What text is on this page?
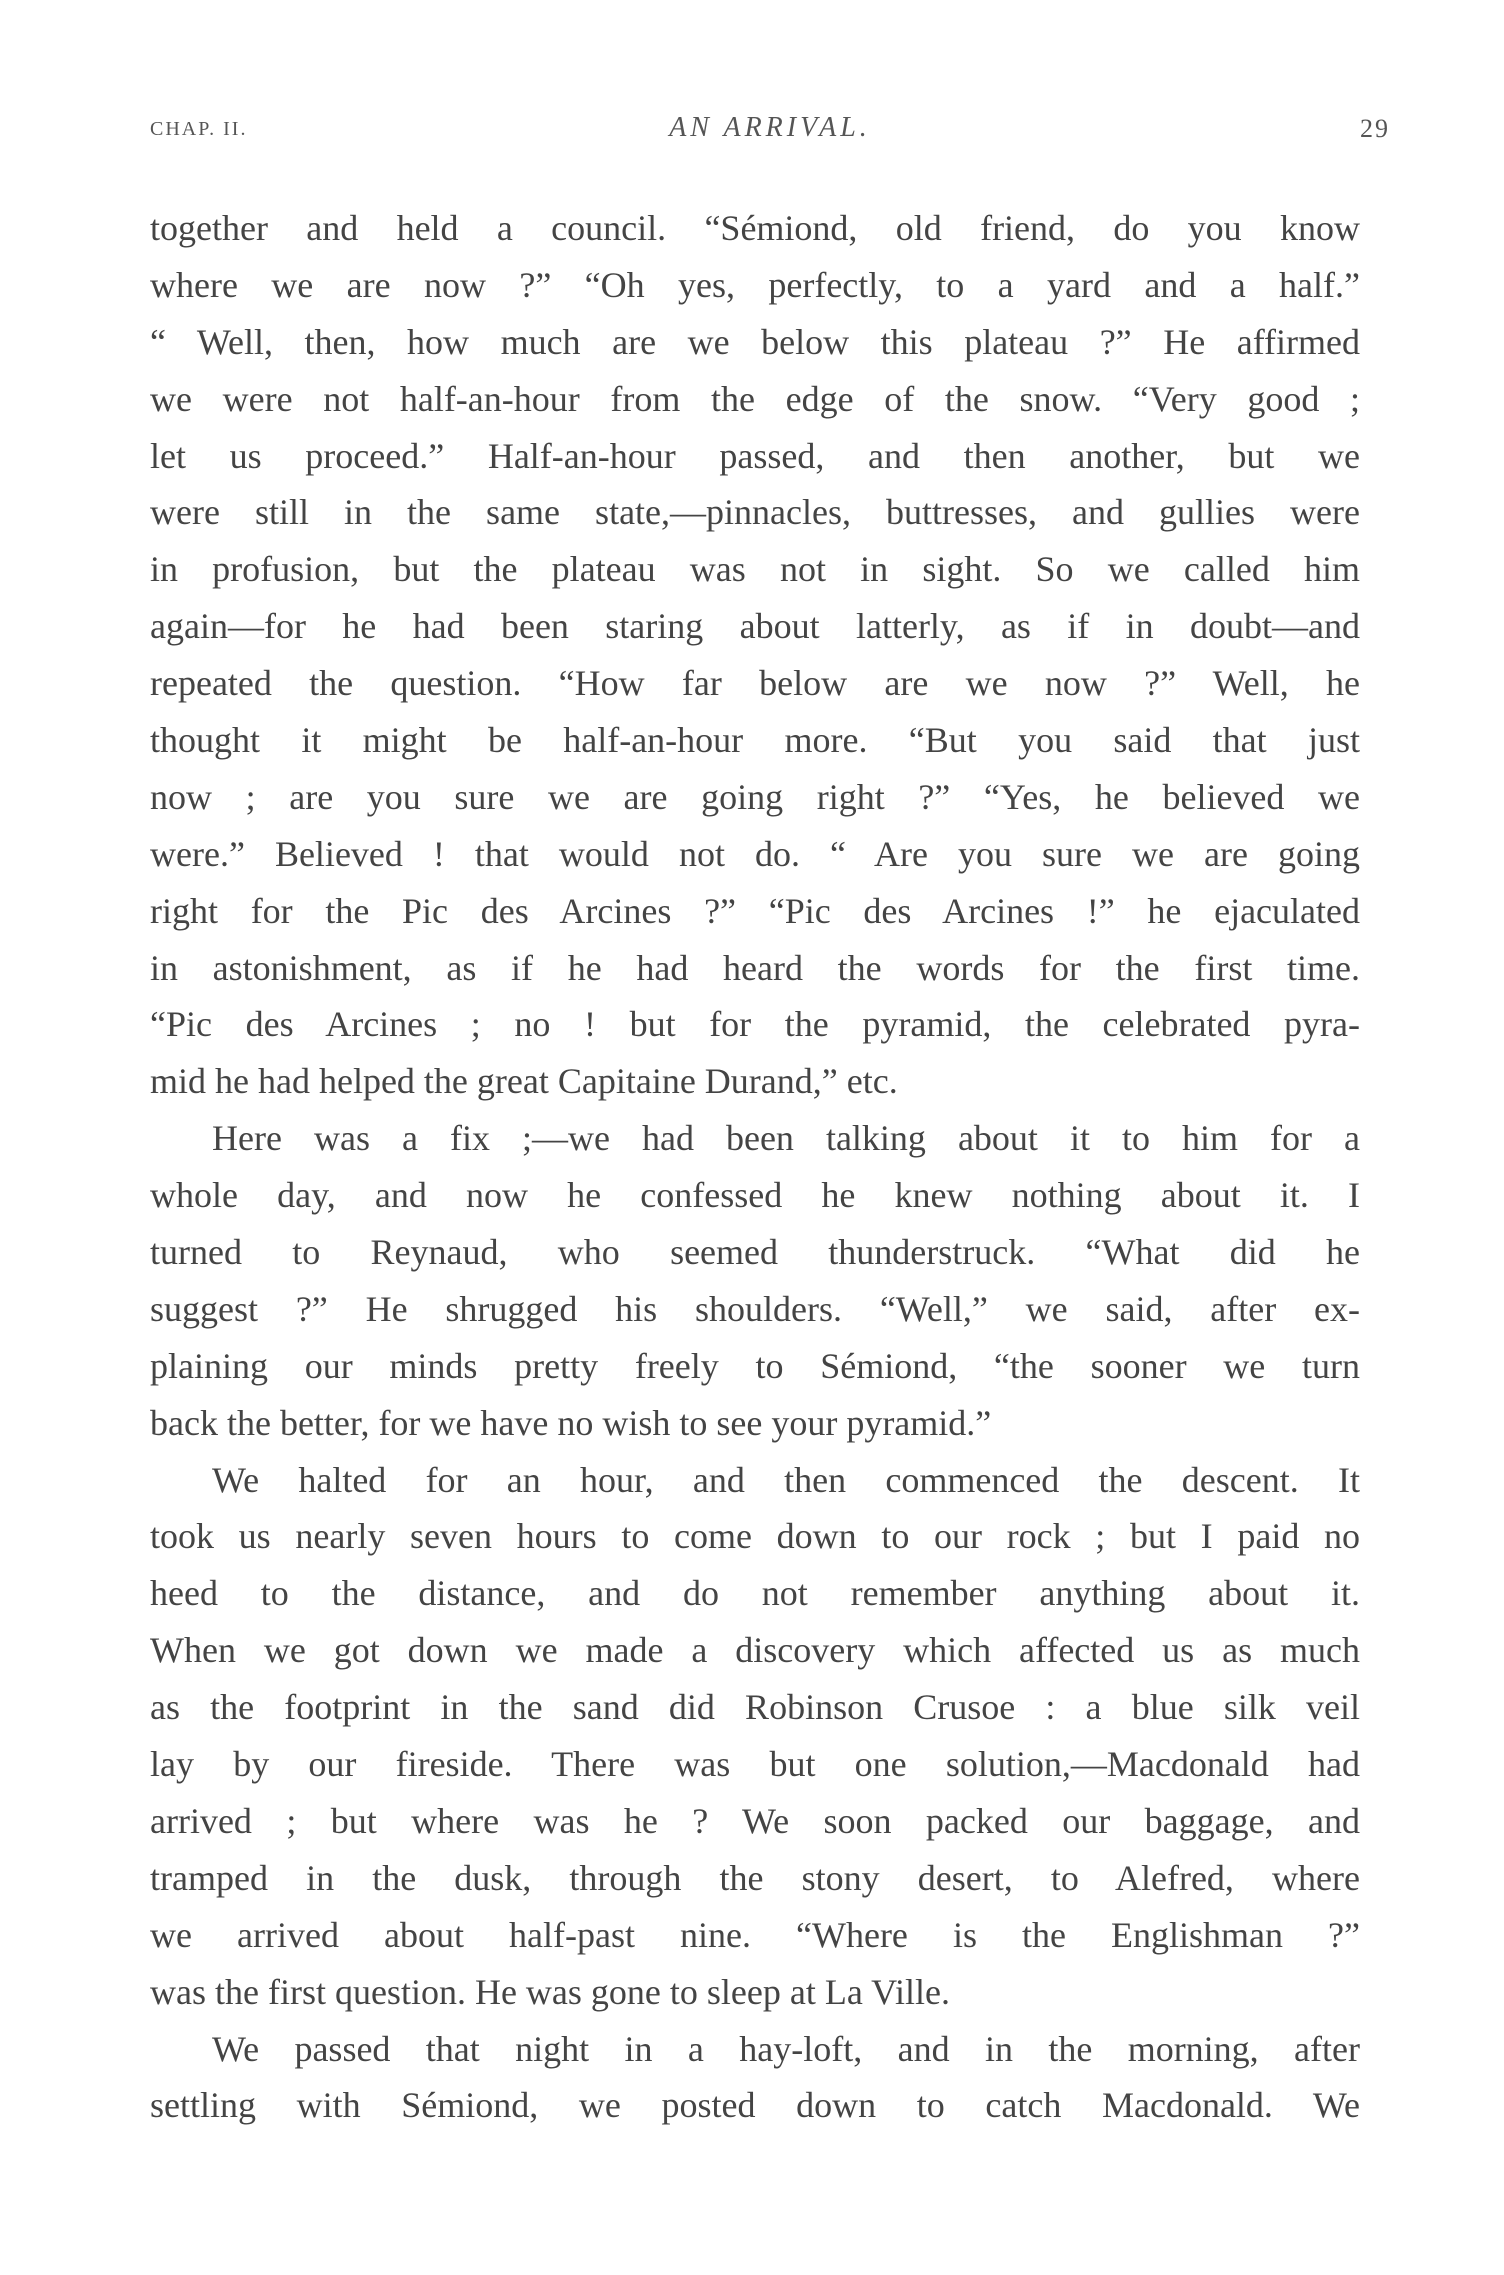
CHAP. II.	AN ARRIVAL.	29
together and held a council. “Sémiond, old friend, do you know
where we are now ?” “Oh yes, perfectly, to a yard and a half.”
“ Well, then, how much are we below this plateau ?” He affirmed
we were not half-an-hour from the edge of the snow. “Very good ;
let us proceed.” Half-an-hour passed, and then another, but we
were still in the same state,—pinnacles, buttresses, and gullies were
in profusion, but the plateau was not in sight. So we called him
again—for he had been staring about latterly, as if in doubt—and
repeated the question. “How far below are we now ?” Well, he
thought it might be half-an-hour more. “But you said that just
now ; are you sure we are going right ?” “Yes, he believed we
were.” Believed ! that would not do. “ Are you sure we are going
right for the Pic des Arcines ?” “Pic des Arcines !” he ejaculated
in astonishment, as if he had heard the words for the first time.
“Pic des Arcines ; no ! but for the pyramid, the celebrated pyra-
mid he had helped the great Capitaine Durand,” etc.
Here was a fix ;—we had been talking about it to him for a
whole day, and now he confessed he knew nothing about it. I
turned to Reynaud, who seemed thunderstruck. “What did he
suggest ?” He shrugged his shoulders. “Well,” we said, after ex-
plaining our minds pretty freely to Sémiond, “the sooner we turn
back the better, for we have no wish to see your pyramid.”
We halted for an hour, and then commenced the descent. It
took us nearly seven hours to come down to our rock ; but I paid no
heed to the distance, and do not remember anything about it.
When we got down we made a discovery which affected us as much
as the footprint in the sand did Robinson Crusoe : a blue silk veil
lay by our fireside. There was but one solution,—Macdonald had
arrived ; but where was he ? We soon packed our baggage, and
tramped in the dusk, through the stony desert, to Alefred, where
we arrived about half-past nine. “Where is the Englishman ?”
was the first question. He was gone to sleep at La Ville.
We passed that night in a hay-loft, and in the morning, after
settling with Sémiond, we posted down to catch Macdonald. We
